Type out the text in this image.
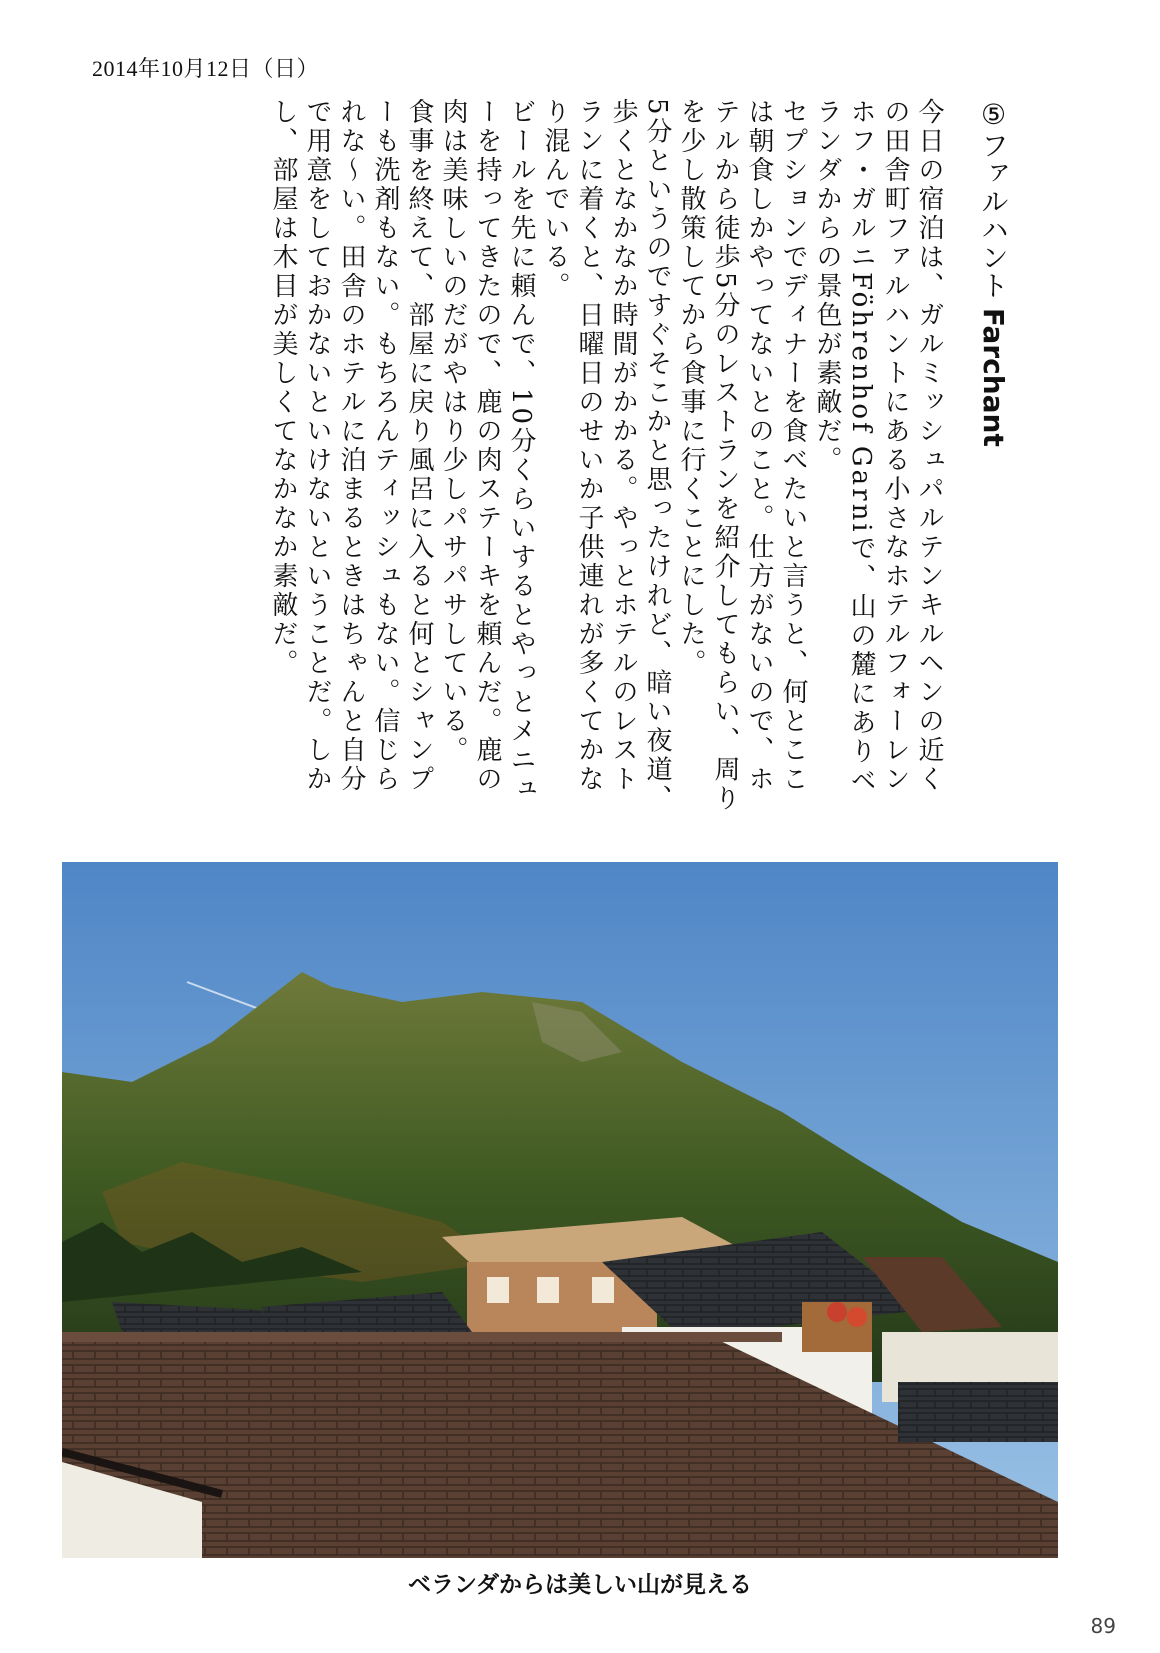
2014年10月12日（日）
⑤ファルハント Farchant

今日の宿泊は、ガルミッシュパルテンキルヘンの近くの田舎町ファルハントにある小さなホテルフォーレンホフ・ガルニFöhrenhof Garniで、山の麓にありベランダからの景色が素敵だ。

セプションでディナーを食べたいと言うと、何とここは朝食しかやってないとのこと。仕方がないので、ホテルから徒歩5分のレストランを紹介してもらい、周りを少し散策してから食事に行くことにした。

5分というのですぐそこかと思ったけれど、暗い夜道、歩くとなかなか時間がかかる。やっとホテルのレストランに着くと、日曜日のせいか子供連れが多くてかなり混んでいる。

ビールを先に頼んで、10分くらいするとやっとメニューを持ってきたので、鹿の肉ステーキを頼んだ。鹿の肉は美味しいのだがやはり少しパサパサしている。

食事を終えて、部屋に戻り風呂に入ると何とシャンプーも洗剤もない。もちろんティッシュもない。信じられな～い。田舎のホテルに泊まるときはちゃんと自分で用意をしておかないといけないということだ。しかし、部屋は木目が美しくてなかなか素敵だ。

ベランダからは美しい山が見える
89
